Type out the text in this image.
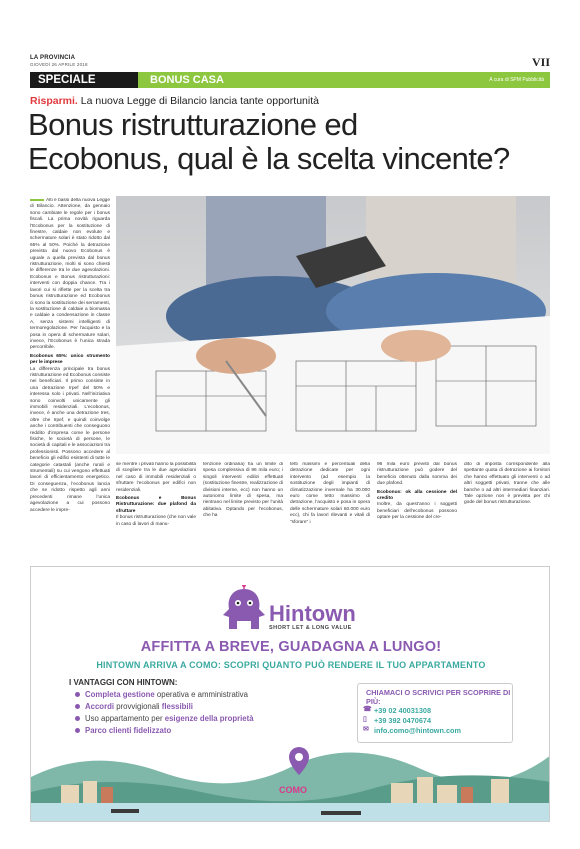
LA PROVINCIA
GIOVEDÌ 26 APRILE 2018	VII
SPECIALE	BONUS CASA	A cura di SPM Pubblicità
Risparmi. La nuova Legge di Bilancio lancia tante opportunità
Bonus ristrutturazione ed
Ecobonus, qual è la scelta vincente?
Alti e bassi della nuova Legge di Bilancio. Attenzione, da gennaio sono cambiate le regole per i bonus fiscali. La prima novità riguarda l’Ecobonus per la sostituzione di finestre, caldaie non evolute e schermature solari è stato ridotto dal 65% al 50%. Poiché la detrazione prevista dal nuovo Ecobonus è uguale a quella prevista dal bonus ristrutturazione, molti si sono chiesti le differenze tra le due agevolazioni. Ecobonus e Bonus ristrutturazioni: interventi con doppia chance. Tra i lavori cui si riflette per la scelta tra bonus ristrutturazione ed Ecobonus ci sono la sostituzione dei serramenti, la sostituzione di caldaie a biomassa e caldaie a condensazione in classe A, senza sistemi intelligenti di termoregolazione. Per l’acquisto e la posa in opera di schermature solari, invece, l’Ecobonus è l’unica strada percorribile.
Ecobonus 65%: unico strumento per le imprese
La differenza principale tra bonus ristrutturazione ed Ecobonus consiste nei beneficiari. Il primo consiste in una detrazione Irpef del 50% e interessa solo i privati. Nell’iniziativa sono coinvolti unicamente gli immobili residenziali. L’ecobonus, invece, è anche una detrazione Ires, oltre che Irpef, e quindi coinvolge anche i contribuenti che conseguono reddito d’impresa come le persone fisiche, le società di persone, le società di capitali e le associazioni tra professionisti. Possono accedere al beneficio gli edifici esistenti di tutte le categorie catastali (anche rurali e strumentali) su cui vengono effettuati lavori di efficientamento energetico. Di conseguenza, l’ecobonus lancia che se ridotto rispetto agli anni precedenti rimane l’unica agevolazione a cui possono accedere le impre-
se mentre i privati hanno la possibilità di scegliere tra le due agevolazioni nel caso di immobili residenziali o sfruttare l’ecobonus per edifici non residenziali.
Ecobonus e Bonus Ristrutturazione: due plafond da sfruttare
Il bonus ristrutturazione (che non vale in caso di lavori di manu-
tenzione ordinaria) ha un limite di spesa complessiva di 96 mila euro; i singoli interventi edilizi effettuati (sostituzione finestre, realizzazione di divisioni interne, ecc) non hanno un autonomo limite di spesa, ma rientrano nel limite previsto per l’unità abitativa. Optando per l’ecobonus, che ha
tetti massimi e percentuali della detrazione dedicate per ogni intervento (ad esempio la sostituzione degli impianti di climatizzazione invernale ha 30.000 euro come tetto massimo di detrazione, l’acquisto e posa in opera delle schermature solari 60.000 euro ecc), chi fa lavori rilevanti e vitali di “sforare” i
96 mila euro previsti dal bonus ristrutturazione può godere del beneficio ottenuto dalla somma dei due plafond.
Ecobonus: ok alla cessione del credito
Inoltre, da quest’anno i soggetti beneficiari dell’ecobonus possono optare per la cessione del cre-
dito di imposta corrispondente alla spettante quota di detrazione ai fornitori che hanno effettuato gli interventi o ad altri soggetti privati, tranne che alle banche o ad altri intermediari finanziari. Tale opzione non è prevista per chi gode del bonus ristrutturazione.
Hintown
SHORT LET & LONG VALUE
AFFITTA A BREVE, GUADAGNA A LUNGO!
HINTOWN ARRIVA A COMO: SCOPRI QUANTO PUÒ RENDERE IL TUO APPARTAMENTO
I VANTAGGI CON HINTOWN:
Completa gestione operativa e amministrativa
Accordi provvigionali flessibili
Uso appartamento per esigenze della proprietà
Parco clienti fidelizzato
CHIAMACI O SCRIVICI PER SCOPRIRE DI PIÙ:
☎ +39 02 40031308
▯ +39 392 0470674
✉ info.como@hintown.com
COMO
